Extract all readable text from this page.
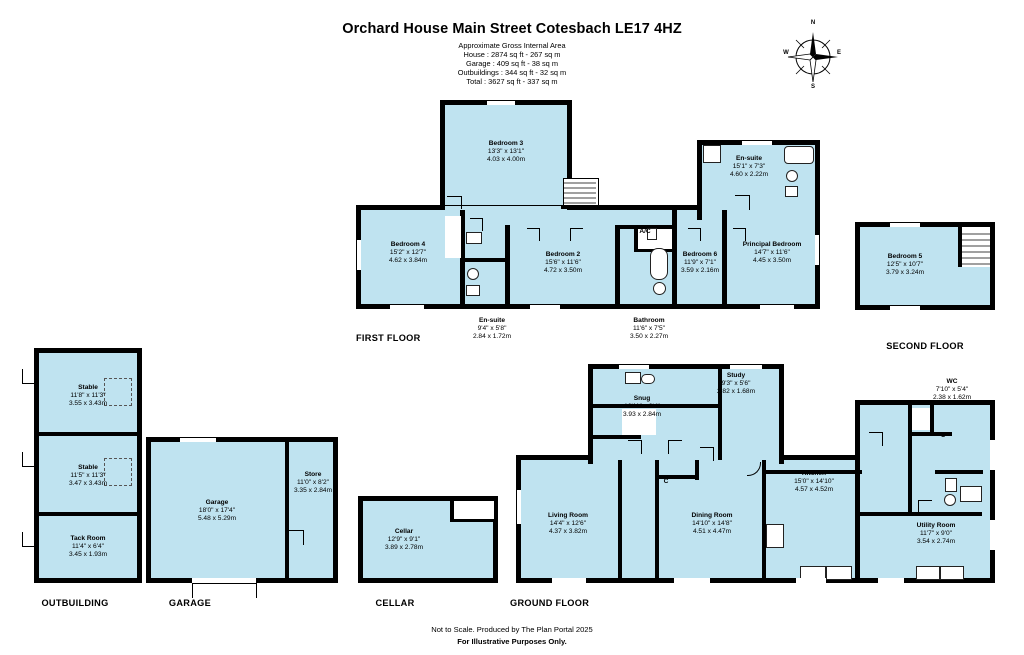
Orchard House Main Street Cotesbach LE17 4HZ
Approximate Gross Internal Area
House : 2874 sq ft - 267 sq m
Garage : 409 sq ft - 38 sq m
Outbuildings : 344 sq ft - 32 sq m
Total : 3627 sq ft - 337 sq m
N
S
E
W
Bedroom 3
13'3" x 13'1"
4.03 x 4.00m
Bedroom 4
15'2" x 12'7"
4.62 x 3.84m
Bedroom 2
15'6" x 11'6"
4.72 x 3.50m
Bedroom 6
11'9" x 7'1"
3.59 x 2.16m
Principal Bedroom
14'7" x 11'6"
4.45 x 3.50m
En-suite
15'1" x 7'3"
4.60 x 2.22m
En-suite
9'4" x 5'8"
2.84 x 1.72m
Bathroom
11'6" x 7'5"
3.50 x 2.27m
A/C
FIRST FLOOR
Bedroom 5
12'5" x 10'7"
3.79 x 3.24m
SECOND FLOOR
Stable
11'8" x 11'3"
3.55 x 3.43m
Stable
11'5" x 11'3"
3.47 x 3.43m
Tack Room
11'4" x 6'4"
3.45 x 1.93m
OUTBUILDING
Garage
18'0" x 17'4"
5.48 x 5.29m
Store
11'0" x 8'2"
3.35 x 2.84m
GARAGE
Cellar
12'9" x 9'1"
3.89 x 2.78m
CELLAR
Study
9'3" x 5'6"
2.82 x 1.68m
Snug
12'11" x 9'4"
3.93 x 2.84m
Living Room
14'4" x 12'6"
4.37 x 3.82m
Dining Room
14'10" x 14'8"
4.51 x 4.47m
Kitchen
15'0" x 14'10"
4.57 x 4.52m
Utility Room
11'7" x 9'0"
3.54 x 2.74m
WC
7'10" x 5'4"
2.38 x 1.62m
C
C
GROUND FLOOR
Not to Scale. Produced by The Plan Portal 2025
For Illustrative Purposes Only.
